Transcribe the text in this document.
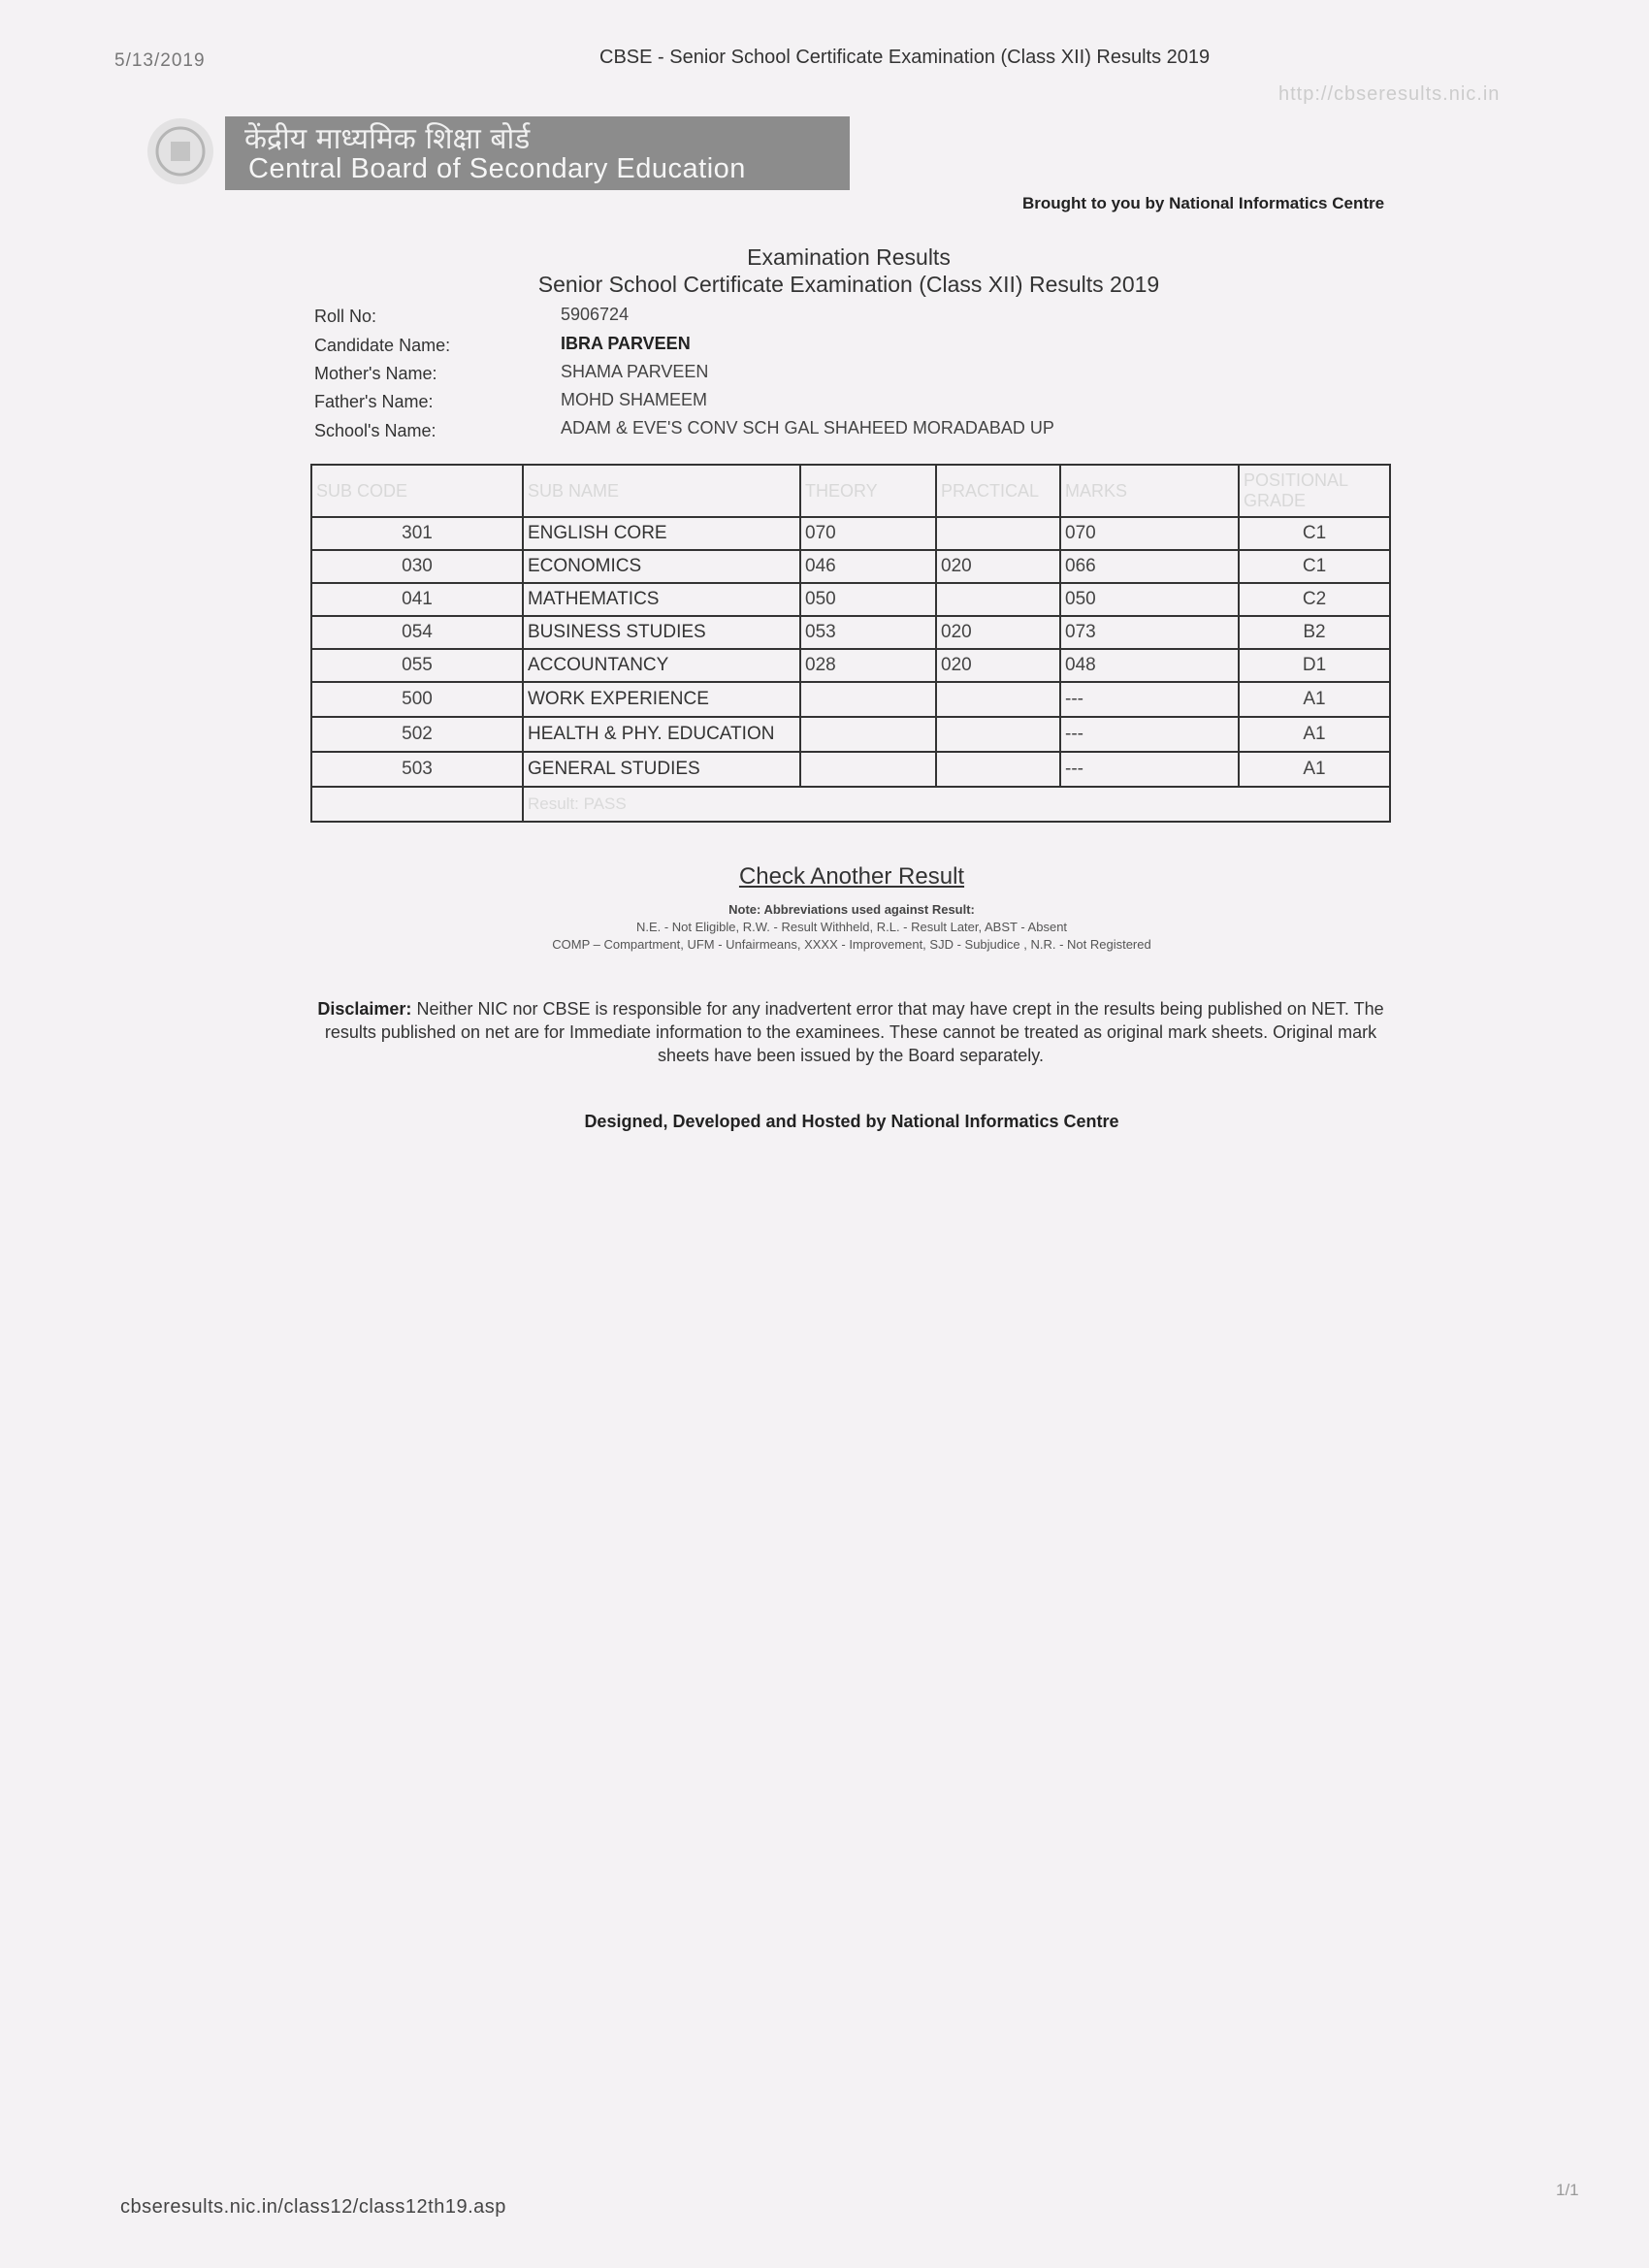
5/13/2019	CBSE - Senior School Certificate Examination (Class XII) Results 2019
http://cbseresults.nic.in
केंद्रीय माध्यमिक शिक्षा बोर्ड
Central Board of Secondary Education
Brought to you by National Informatics Centre
Examination Results
Senior School Certificate Examination (Class XII) Results 2019
Roll No:	5906724
Candidate Name:	IBRA PARVEEN
Mother's Name:	SHAMA PARVEEN
Father's Name:	MOHD SHAMEEM
School's Name:	ADAM & EVE'S CONV SCH GAL SHAHEED MORADABAD UP
SUB CODE	SUB NAME	THEORY	PRACTICAL	MARKS	POSITIONAL
GRADE

301	ENGLISH CORE	070		070	C1
030	ECONOMICS	046	020	066	C1
041	MATHEMATICS	050		050	C2
054	BUSINESS STUDIES	053	020	073	B2
055	ACCOUNTANCY	028	020	048	D1
500	WORK EXPERIENCE			---	A1
502	HEALTH & PHY. EDUCATION			---	A1
503	GENERAL STUDIES			---	A1
	Result: PASS				
Check Another Result
Note: Abbreviations used against Result:
N.E. - Not Eligible, R.W. - Result Withheld, R.L. - Result Later, ABST - Absent
COMP – Compartment, UFM - Unfairmeans, XXXX - Improvement, SJD - Subjudice , N.R. - Not Registered
Disclaimer: Neither NIC nor CBSE is responsible for any inadvertent error that may have crept in the results being published on NET. The results published on net are for Immediate information to the examinees. These cannot be treated as original mark sheets. Original mark sheets have been issued by the Board separately.
Designed, Developed and Hosted by National Informatics Centre
cbseresults.nic.in/class12/class12th19.asp
1/1
